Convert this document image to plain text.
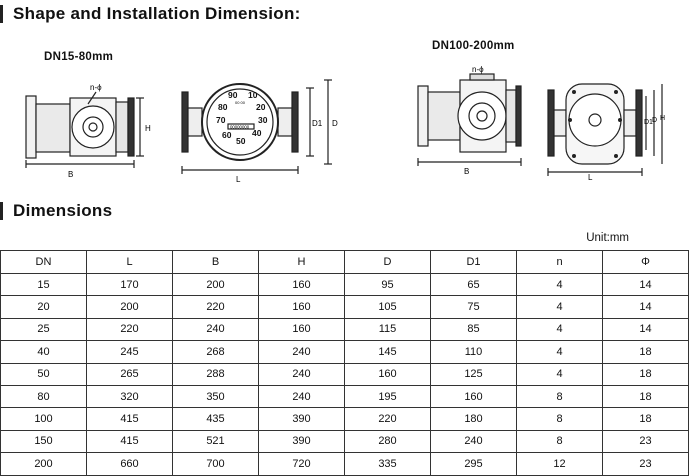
Shape and Installation Dimension:
DN15-80mm
DN100-200mm
n-ϕ
B
H
90 10
80	20
70	30
60 40
50
00 00
00000000
L
D1 D
n-ϕ
B
L
D1 D H
Dimensions
Unit:mm
DN	L	B	H	D	D1	n	Φ
15	170	200	160	95	65	4	14
20	200	220	160	105	75	4	14
25	220	240	160	115	85	4	14
40	245	268	240	145	110	4	18
50	265	288	240	160	125	4	18
80	320	350	240	195	160	8	18
100	415	435	390	220	180	8	18
150	415	521	390	280	240	8	23
200	660	700	720	335	295	12	23
